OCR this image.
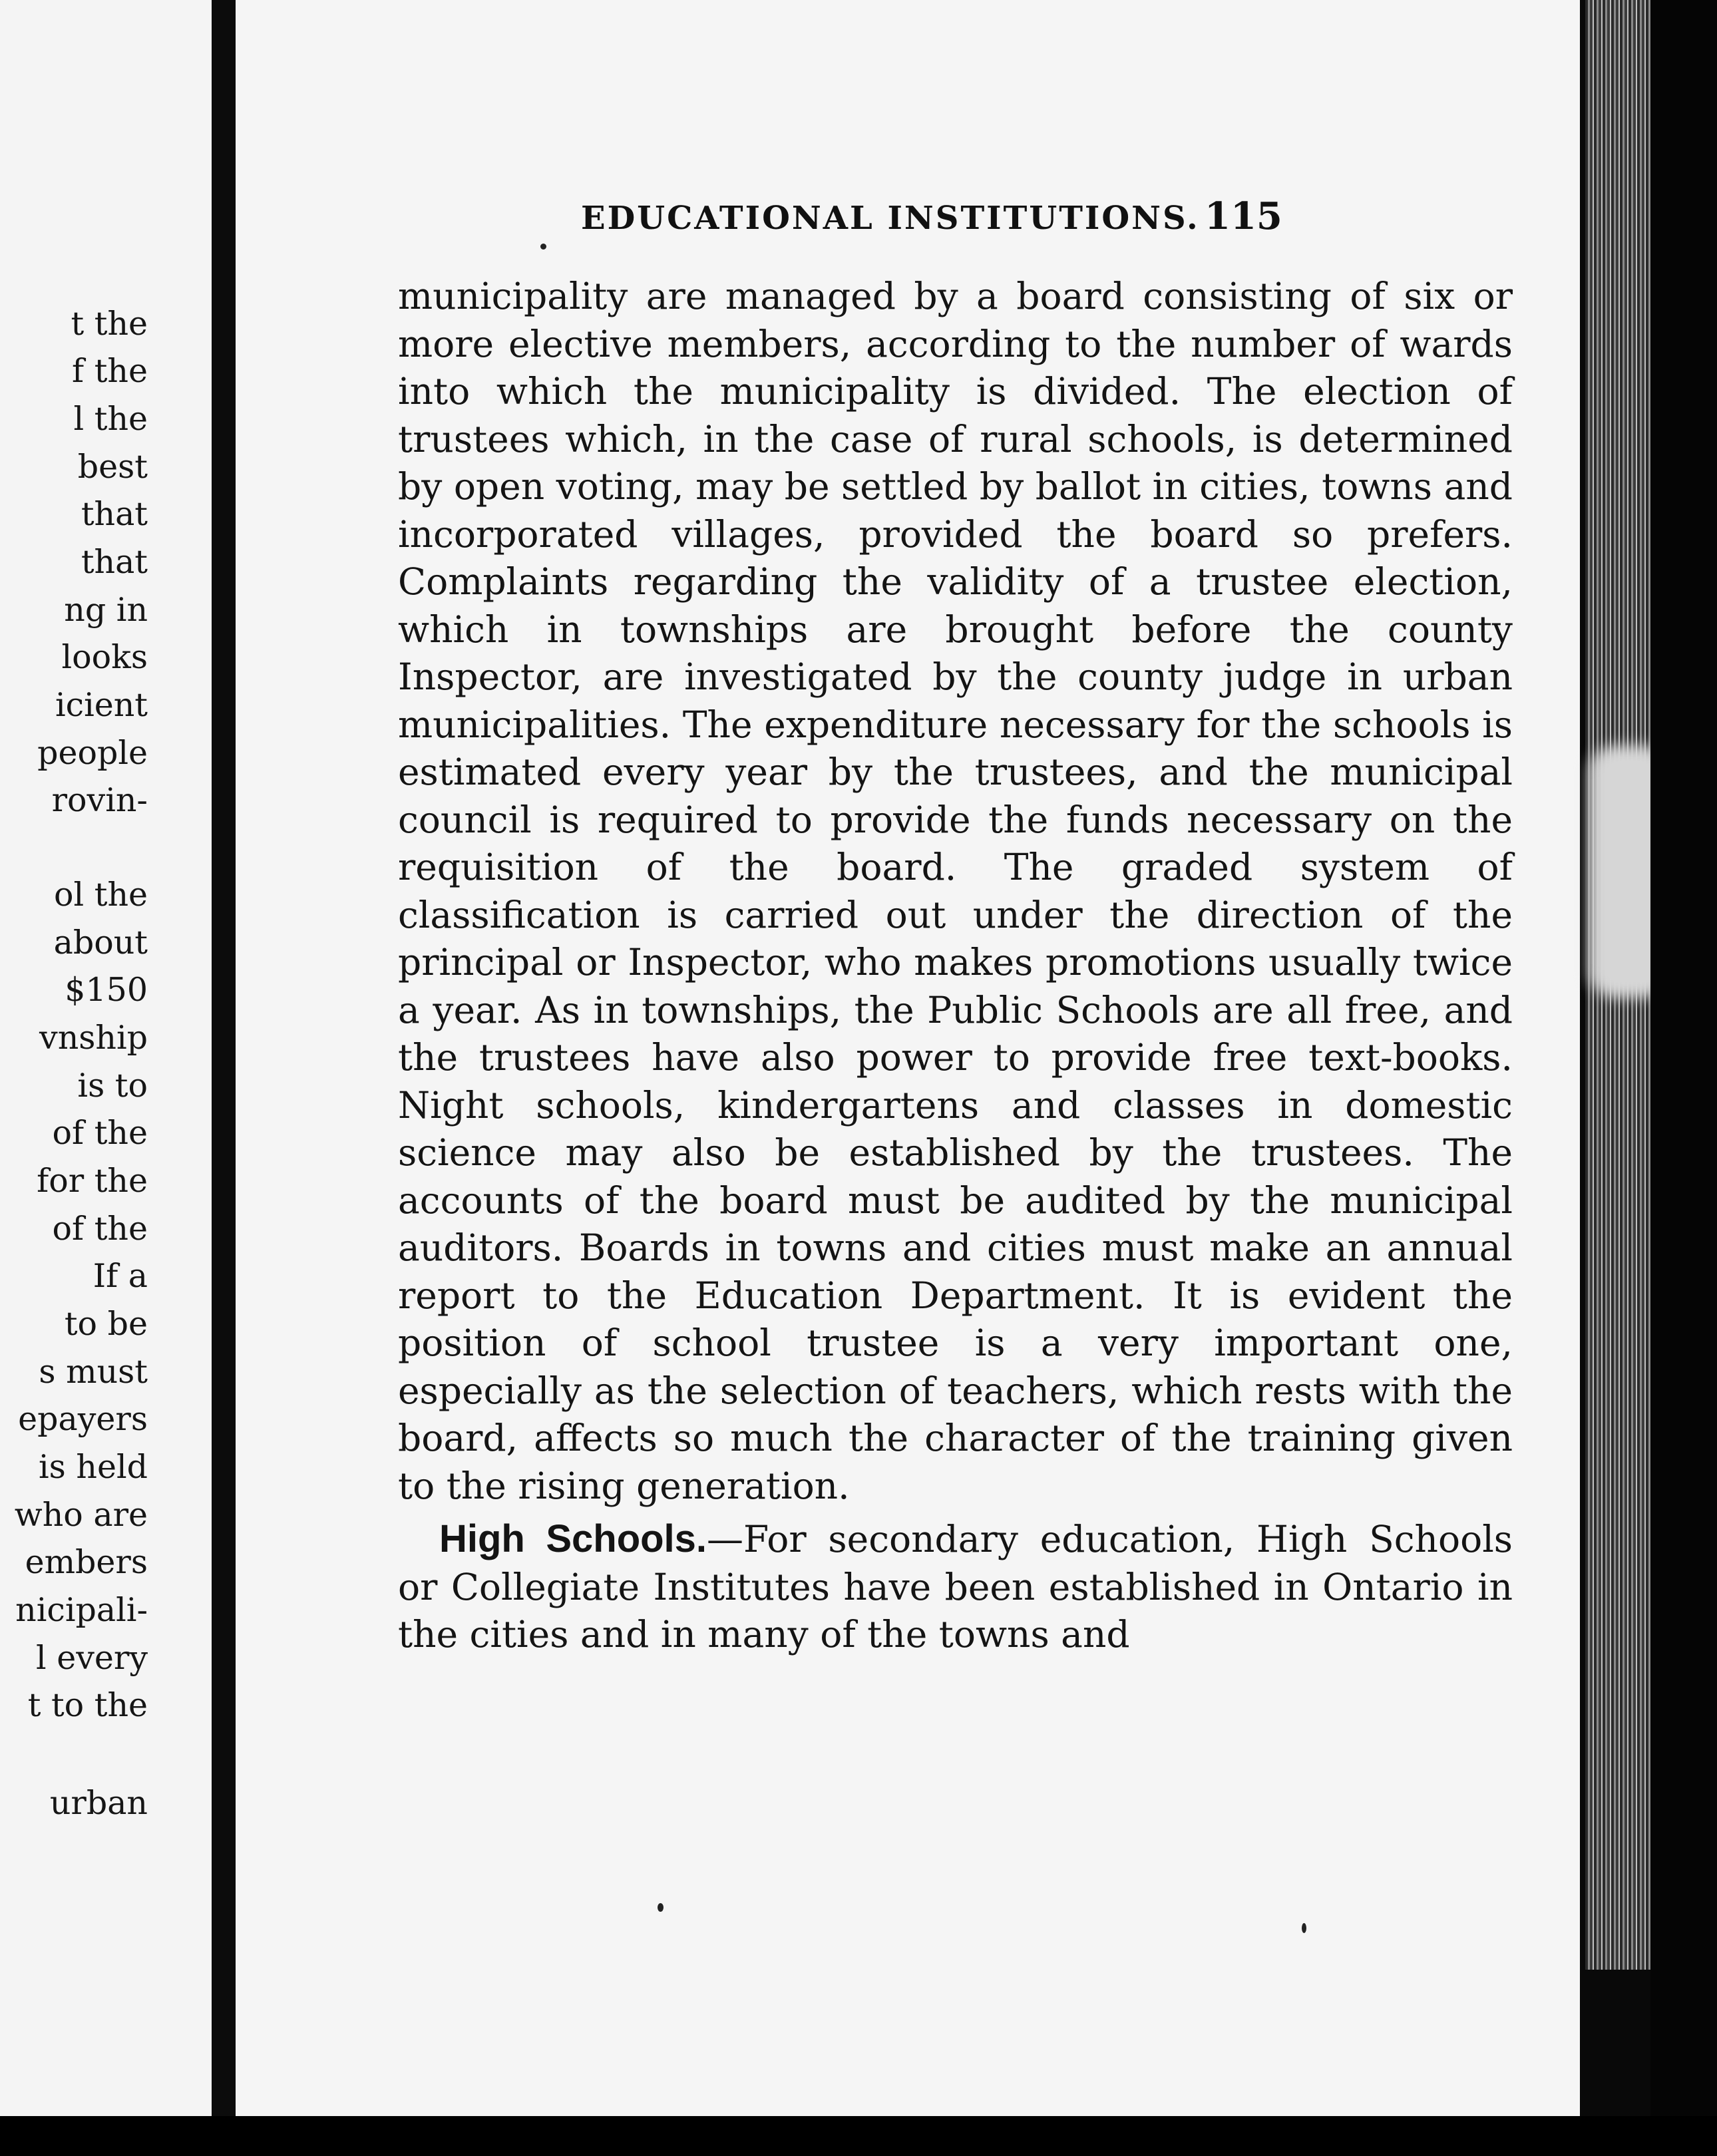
t the
f the
l the
best
that
that
ng in
looks
icient
people
rovin-
ol the
about
$150
vnship
is to
of the
for the
of the
If a
to be
s must
epayers
is held
who are
embers
nicipali-
l every
t to the
urban
EDUCATIONAL INSTITUTIONS. 115

municipality are managed by a board consisting of six or more elective members, according to the number of wards into which the municipality is divided. The election of trustees which, in the case of rural schools, is determined by open voting, may be settled by ballot in cities, towns and incorporated villages, provided the board so prefers. Complaints regarding the validity of a trustee election, which in townships are brought before the county Inspector, are investigated by the county judge in urban municipalities. The expenditure necessary for the schools is estimated every year by the trustees, and the municipal council is required to provide the funds necessary on the requisition of the board. The graded system of classification is carried out under the direction of the principal or Inspector, who makes promotions usually twice a year. As in townships, the Public Schools are all free, and the trustees have also power to provide free text-books. Night schools, kindergartens and classes in domestic science may also be established by the trustees. The accounts of the board must be audited by the municipal auditors. Boards in towns and cities must make an annual report to the Education Department. It is evident the position of school trustee is a very important one, especially as the selection of teachers, which rests with the board, affects so much the character of the training given to the rising generation.

High Schools.—For secondary education, High Schools or Collegiate Institutes have been established in Ontario in the cities and in many of the towns and
